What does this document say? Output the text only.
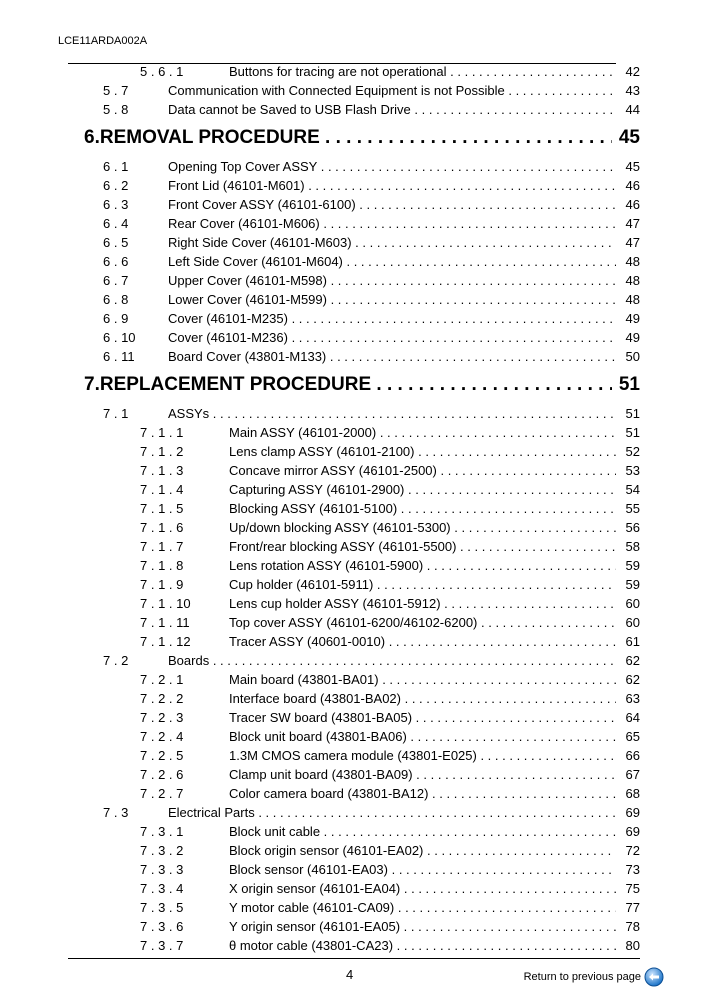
LCE11ARDA002A
5 . 6 . 1	Buttons for tracing are not operational . . .	42
5 . 7	Communication with Connected Equipment is not Possible . . .	43
5 . 8	Data cannot be Saved to USB Flash Drive . . .	44
6.REMOVAL PROCEDURE . . .	45
6 . 1	Opening Top Cover ASSY . . .	45
6 . 2	Front Lid (46101-M601) . . .	46
6 . 3	Front Cover ASSY (46101-6100) . . .	46
6 . 4	Rear Cover (46101-M606) . . .	47
6 . 5	Right Side Cover (46101-M603) . . .	47
6 . 6	Left Side Cover (46101-M604) . . .	48
6 . 7	Upper Cover (46101-M598) . . .	48
6 . 8	Lower Cover (46101-M599) . . .	48
6 . 9	Cover (46101-M235) . . .	49
6 . 10 Cover (46101-M236) . . .	49
6 . 11	Board Cover (43801-M133) . . .	50
7.REPLACEMENT PROCEDURE . . .	51
7 . 1	ASSYs . . .	51
7 . 1 . 1	Main ASSY (46101-2000) . . .	51
7 . 1 . 2	Lens clamp ASSY (46101-2100) . . .	52
7 . 1 . 3	Concave mirror ASSY (46101-2500) . . .	53
7 . 1 . 4	Capturing ASSY (46101-2900) . . .	54
7 . 1 . 5	Blocking ASSY (46101-5100) . . .	55
7 . 1 . 6	Up/down blocking ASSY (46101-5300) . . .	56
7 . 1 . 7	Front/rear blocking ASSY (46101-5500) . . .	58
7 . 1 . 8	Lens rotation ASSY (46101-5900) . . .	59
7 . 1 . 9	Cup holder (46101-5911) . . .	59
7 . 1 . 10	Lens cup holder ASSY (46101-5912) . . .	60
7 . 1 . 11	Top cover ASSY (46101-6200/46102-6200) . . .	60
7 . 1 . 12	Tracer ASSY (40601-0010) . . .	61
7 . 2	Boards . . .	62
7 . 2 . 1	Main board (43801-BA01) . . .	62
7 . 2 . 2	Interface board (43801-BA02) . . .	63
7 . 2 . 3	Tracer SW board (43801-BA05) . . .	64
7 . 2 . 4	Block unit board (43801-BA06) . . .	65
7 . 2 . 5	1.3M CMOS camera module (43801-E025) . . .	66
7 . 2 . 6	Clamp unit board (43801-BA09) . . .	67
7 . 2 . 7	Color camera board (43801-BA12) . . .	68
7 . 3	Electrical Parts . . .	69
7 . 3 . 1	Block unit cable . . .	69
7 . 3 . 2	Block origin sensor (46101-EA02) . . .	72
7 . 3 . 3	Block sensor (46101-EA03) . . .	73
7 . 3 . 4	X origin sensor (46101-EA04) . . .	75
7 . 3 . 5	Y motor cable (46101-CA09) . . .	77
7 . 3 . 6	Y origin sensor (46101-EA05) . . .	78
7 . 3 . 7	θ motor cable (43801-CA23) . . .	80
4	Return to previous page
